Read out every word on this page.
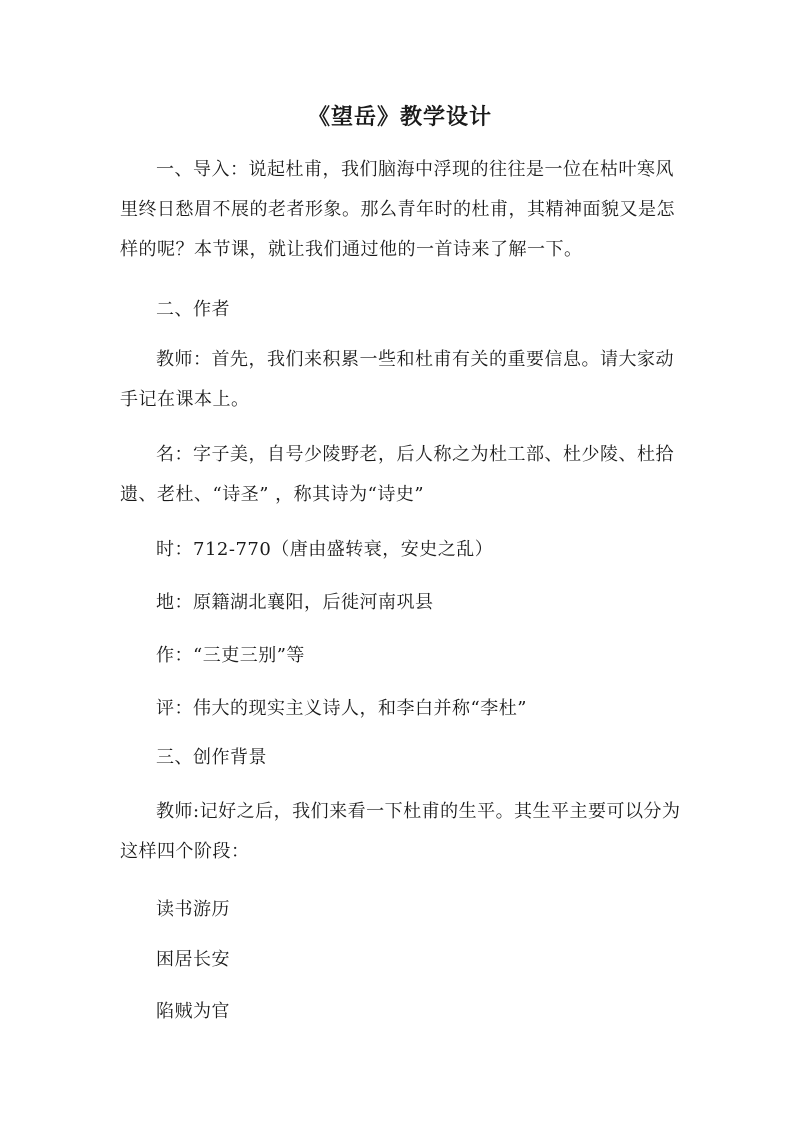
《望岳》教学设计
一、导入：说起杜甫，我们脑海中浮现的往往是一位在枯叶寒风里终日愁眉不展的老者形象。那么青年时的杜甫，其精神面貌又是怎样的呢？本节课，就让我们通过他的一首诗来了解一下。
二、作者
教师：首先，我们来积累一些和杜甫有关的重要信息。请大家动手记在课本上。
名：字子美，自号少陵野老，后人称之为杜工部、杜少陵、杜拾遗、老杜、“诗圣” ，称其诗为“诗史”
时：712-770（唐由盛转衰，安史之乱）
地：原籍湖北襄阳，后徙河南巩县
作：“三吏三别”等
评：伟大的现实主义诗人，和李白并称“李杜”
三、创作背景
教师:记好之后，我们来看一下杜甫的生平。其生平主要可以分为这样四个阶段：
读书游历
困居长安
陷贼为官
